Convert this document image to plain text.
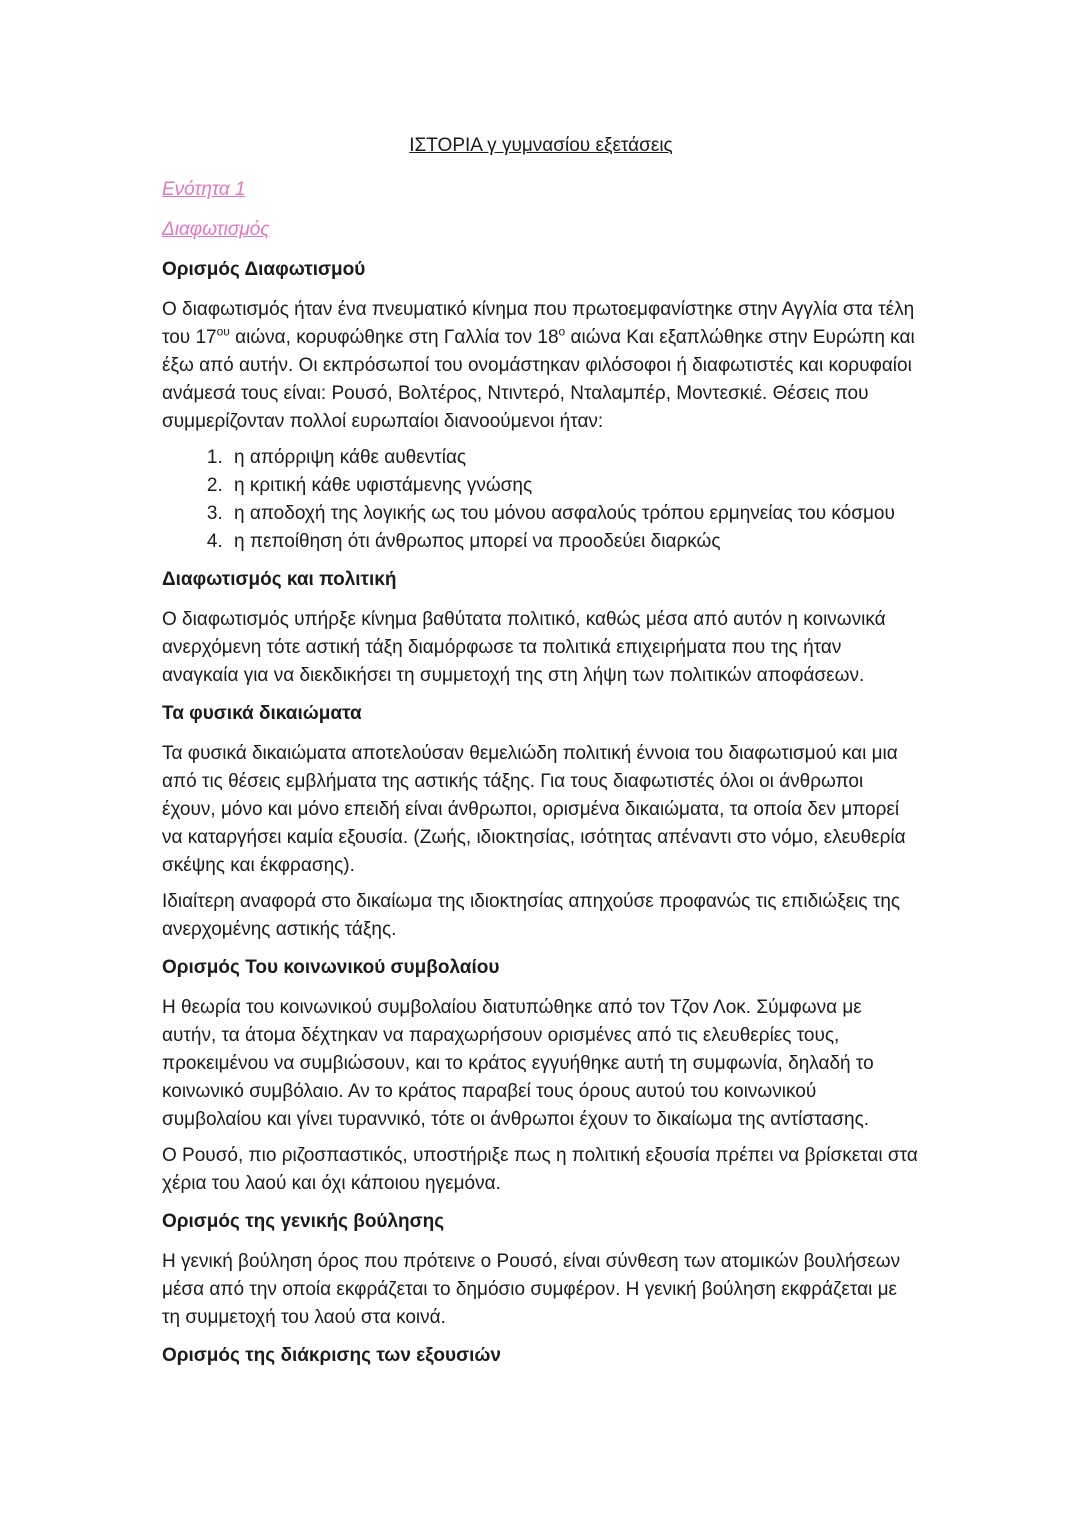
ΙΣΤΟΡΙΑ γ γυμνασίου εξετάσεις
Ενότητα 1
Διαφωτισμός
Ορισμός Διαφωτισμού

Ο διαφωτισμός ήταν ένα πνευματικό κίνημα που πρωτοεμφανίστηκε στην Αγγλία στα τέλη του $17^{o\upsilon}$ αιώνα, κορυφώθηκε στη Γαλλία τον $18^o$ αιώνα Και εξαπλώθηκε στην Ευρώπη και έξω από αυτήν. Οι εκπρόσωποί του ονομάστηκαν φιλόσοφοι ή διαφωτιστές και κορυφαίοι ανάμεσά τους είναι: Ρουσό, Βολτέρος, Ντιντερό, Νταλαμπέρ, Μοντεσκιέ. Θέσεις που συμμερίζονταν πολλοί ευρωπαίοι διανοούμενοι ήταν:

1. η απόρριψη κάθε αυθεντίας
2. η κριτική κάθε υφιστάμενης γνώσης
3. η αποδοχή της λογικής ως του μόνου ασφαλούς τρόπου ερμηνείας του κόσμου
4. η πεποίθηση ότι άνθρωπος μπορεί να προοδεύει διαρκώς
Διαφωτισμός και πολιτική

Ο διαφωτισμός υπήρξε κίνημα βαθύτατα πολιτικό, καθώς μέσα από αυτόν η κοινωνικά ανερχόμενη τότε αστική τάξη διαμόρφωσε τα πολιτικά επιχειρήματα που της ήταν αναγκαία για να διεκδικήσει τη συμμετοχή της στη λήψη των πολιτικών αποφάσεων.

Τα φυσικά δικαιώματα

Τα φυσικά δικαιώματα αποτελούσαν θεμελιώδη πολιτική έννοια του διαφωτισμού και μια από τις θέσεις εμβλήματα της αστικής τάξης. Για τους διαφωτιστές όλοι οι άνθρωποι έχουν, μόνο και μόνο επειδή είναι άνθρωποι, ορισμένα δικαιώματα, τα οποία δεν μπορεί να καταργήσει καμία εξουσία. (Ζωής, ιδιοκτησίας, ισότητας απέναντι στο νόμο, ελευθερία σκέψης και έκφρασης).

Ιδιαίτερη αναφορά στο δικαίωμα της ιδιοκτησίας απηχούσε προφανώς τις επιδιώξεις της ανερχομένης αστικής τάξης.

Ορισμός Του κοινωνικού συμβολαίου

Η θεωρία του κοινωνικού συμβολαίου διατυπώθηκε από τον Τζον Λοκ. Σύμφωνα με αυτήν, τα άτομα δέχτηκαν να παραχωρήσουν ορισμένες από τις ελευθερίες τους, προκειμένου να συμβιώσουν, και το κράτος εγγυήθηκε αυτή τη συμφωνία, δηλαδή το κοινωνικό συμβόλαιο. Αν το κράτος παραβεί τους όρους αυτού του κοινωνικού συμβολαίου και γίνει τυραννικό, τότε οι άνθρωποι έχουν το δικαίωμα της αντίστασης.

Ο Ρουσό, πιο ριζοσπαστικός, υποστήριξε πως η πολιτική εξουσία πρέπει να βρίσκεται στα χέρια του λαού και όχι κάποιου ηγεμόνα.

Ορισμός της γενικής βούλησης

Η γενική βούληση όρος που πρότεινε ο Ρουσό, είναι σύνθεση των ατομικών βουλήσεων μέσα από την οποία εκφράζεται το δημόσιο συμφέρον. Η γενική βούληση εκφράζεται με τη συμμετοχή του λαού στα κοινά.

Ορισμός της διάκρισης των εξουσιών
